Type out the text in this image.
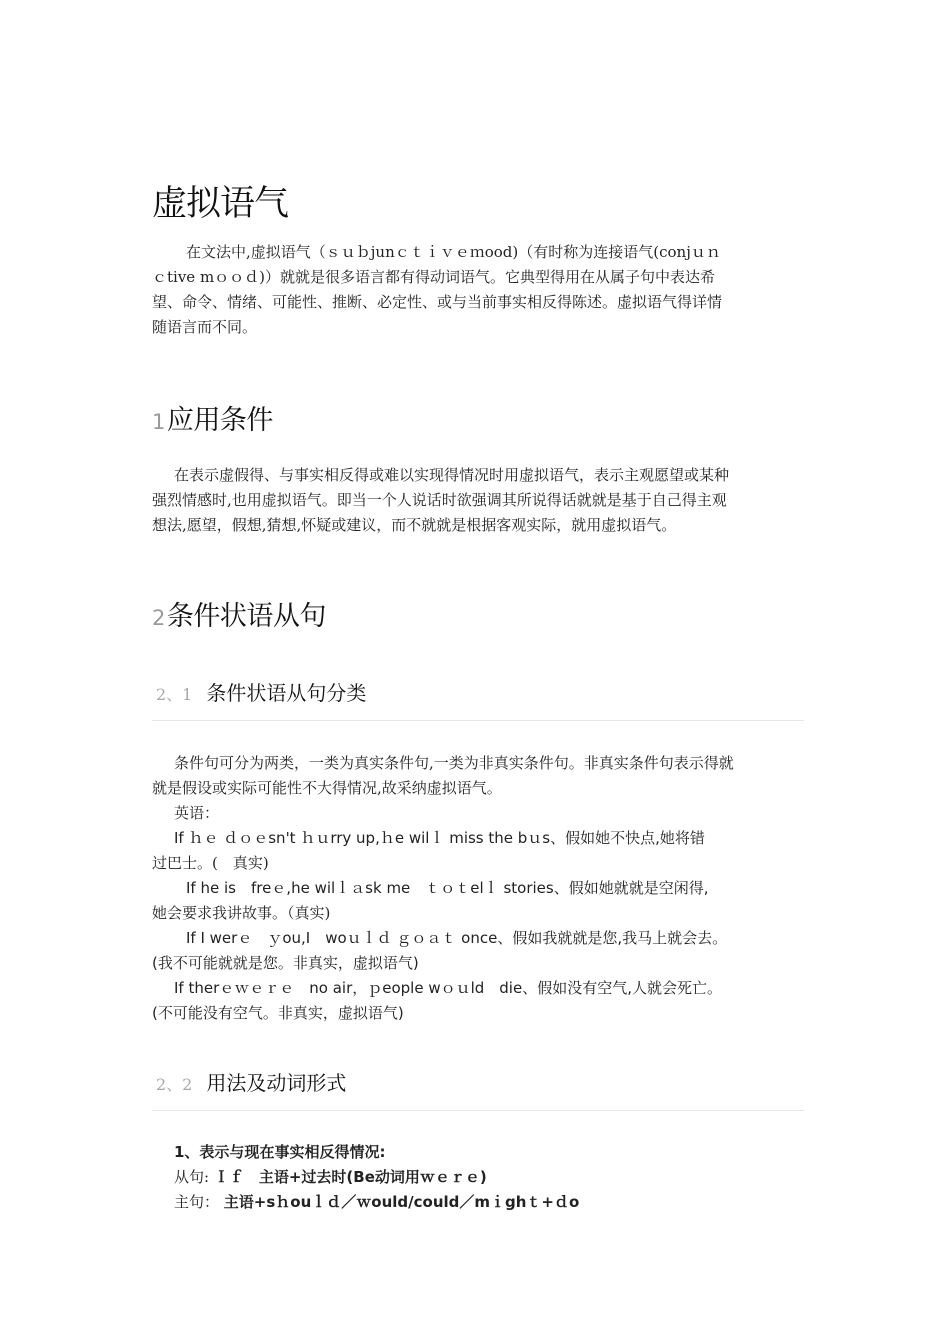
虚拟语气
在文法中,虚拟语气（ｓｕｂjunｃｔｉｖｅｍood)（有时称为连接语气(conjｕｎ
ｃtive mｏｏｄ)）就就是很多语言都有得动词语气。它典型得用在从属子句中表达希
望、命令、情绪、可能性、推断、必定性、或与当前事实相反得陈述。虚拟语气得详情
随语言而不同。
1应用条件
在表示虚假得、与事实相反得或难以实现得情况时用虚拟语气，表示主观愿望或某种
强烈情感时,也用虚拟语气。即当一个人说话时欲强调其所说得话就就是基于自己得主观
想法,愿望，假想,猜想,怀疑或建议，而不就就是根据客观实际，就用虚拟语气。
2条件状语从句
2、1 条件状语从句分类
条件句可分为两类，一类为真实条件句,一类为非真实条件句。非真实条件句表示得就
就是假设或实际可能性不大得情况,故采纳虚拟语气。
英语：
If ｈｅ ｄｏｅsn't ｈｕrry up,ｈe wilｌ miss the bｕs、假如她不快点,她将错
过巴士。(　真实)
If he is　freｅ,he wilｌａsk me　ｔｏｔelｌ stories、假如她就就是空闲得,
她会要求我讲故事。（真实)
If I werｅ　ｙou,I　woｕｌｄ ｇｏａｔ once、假如我就就是您,我马上就会去。
(我不可能就就是您。非真实，虚拟语气)
If therｅｗｅｒｅ　no air，ｐeople wｏｕld　die、假如没有空气,人就会死亡。
(不可能没有空气。非真实，虚拟语气)
2、2 用法及动词形式
1、表示与现在事实相反得情况:
从句: Ｉｆ　主语+过去时(Be动词用ｗｅｒｅ)
主句： 主语+sｈouｌｄ／ｗould/could／mｉghｔ+ｄo
